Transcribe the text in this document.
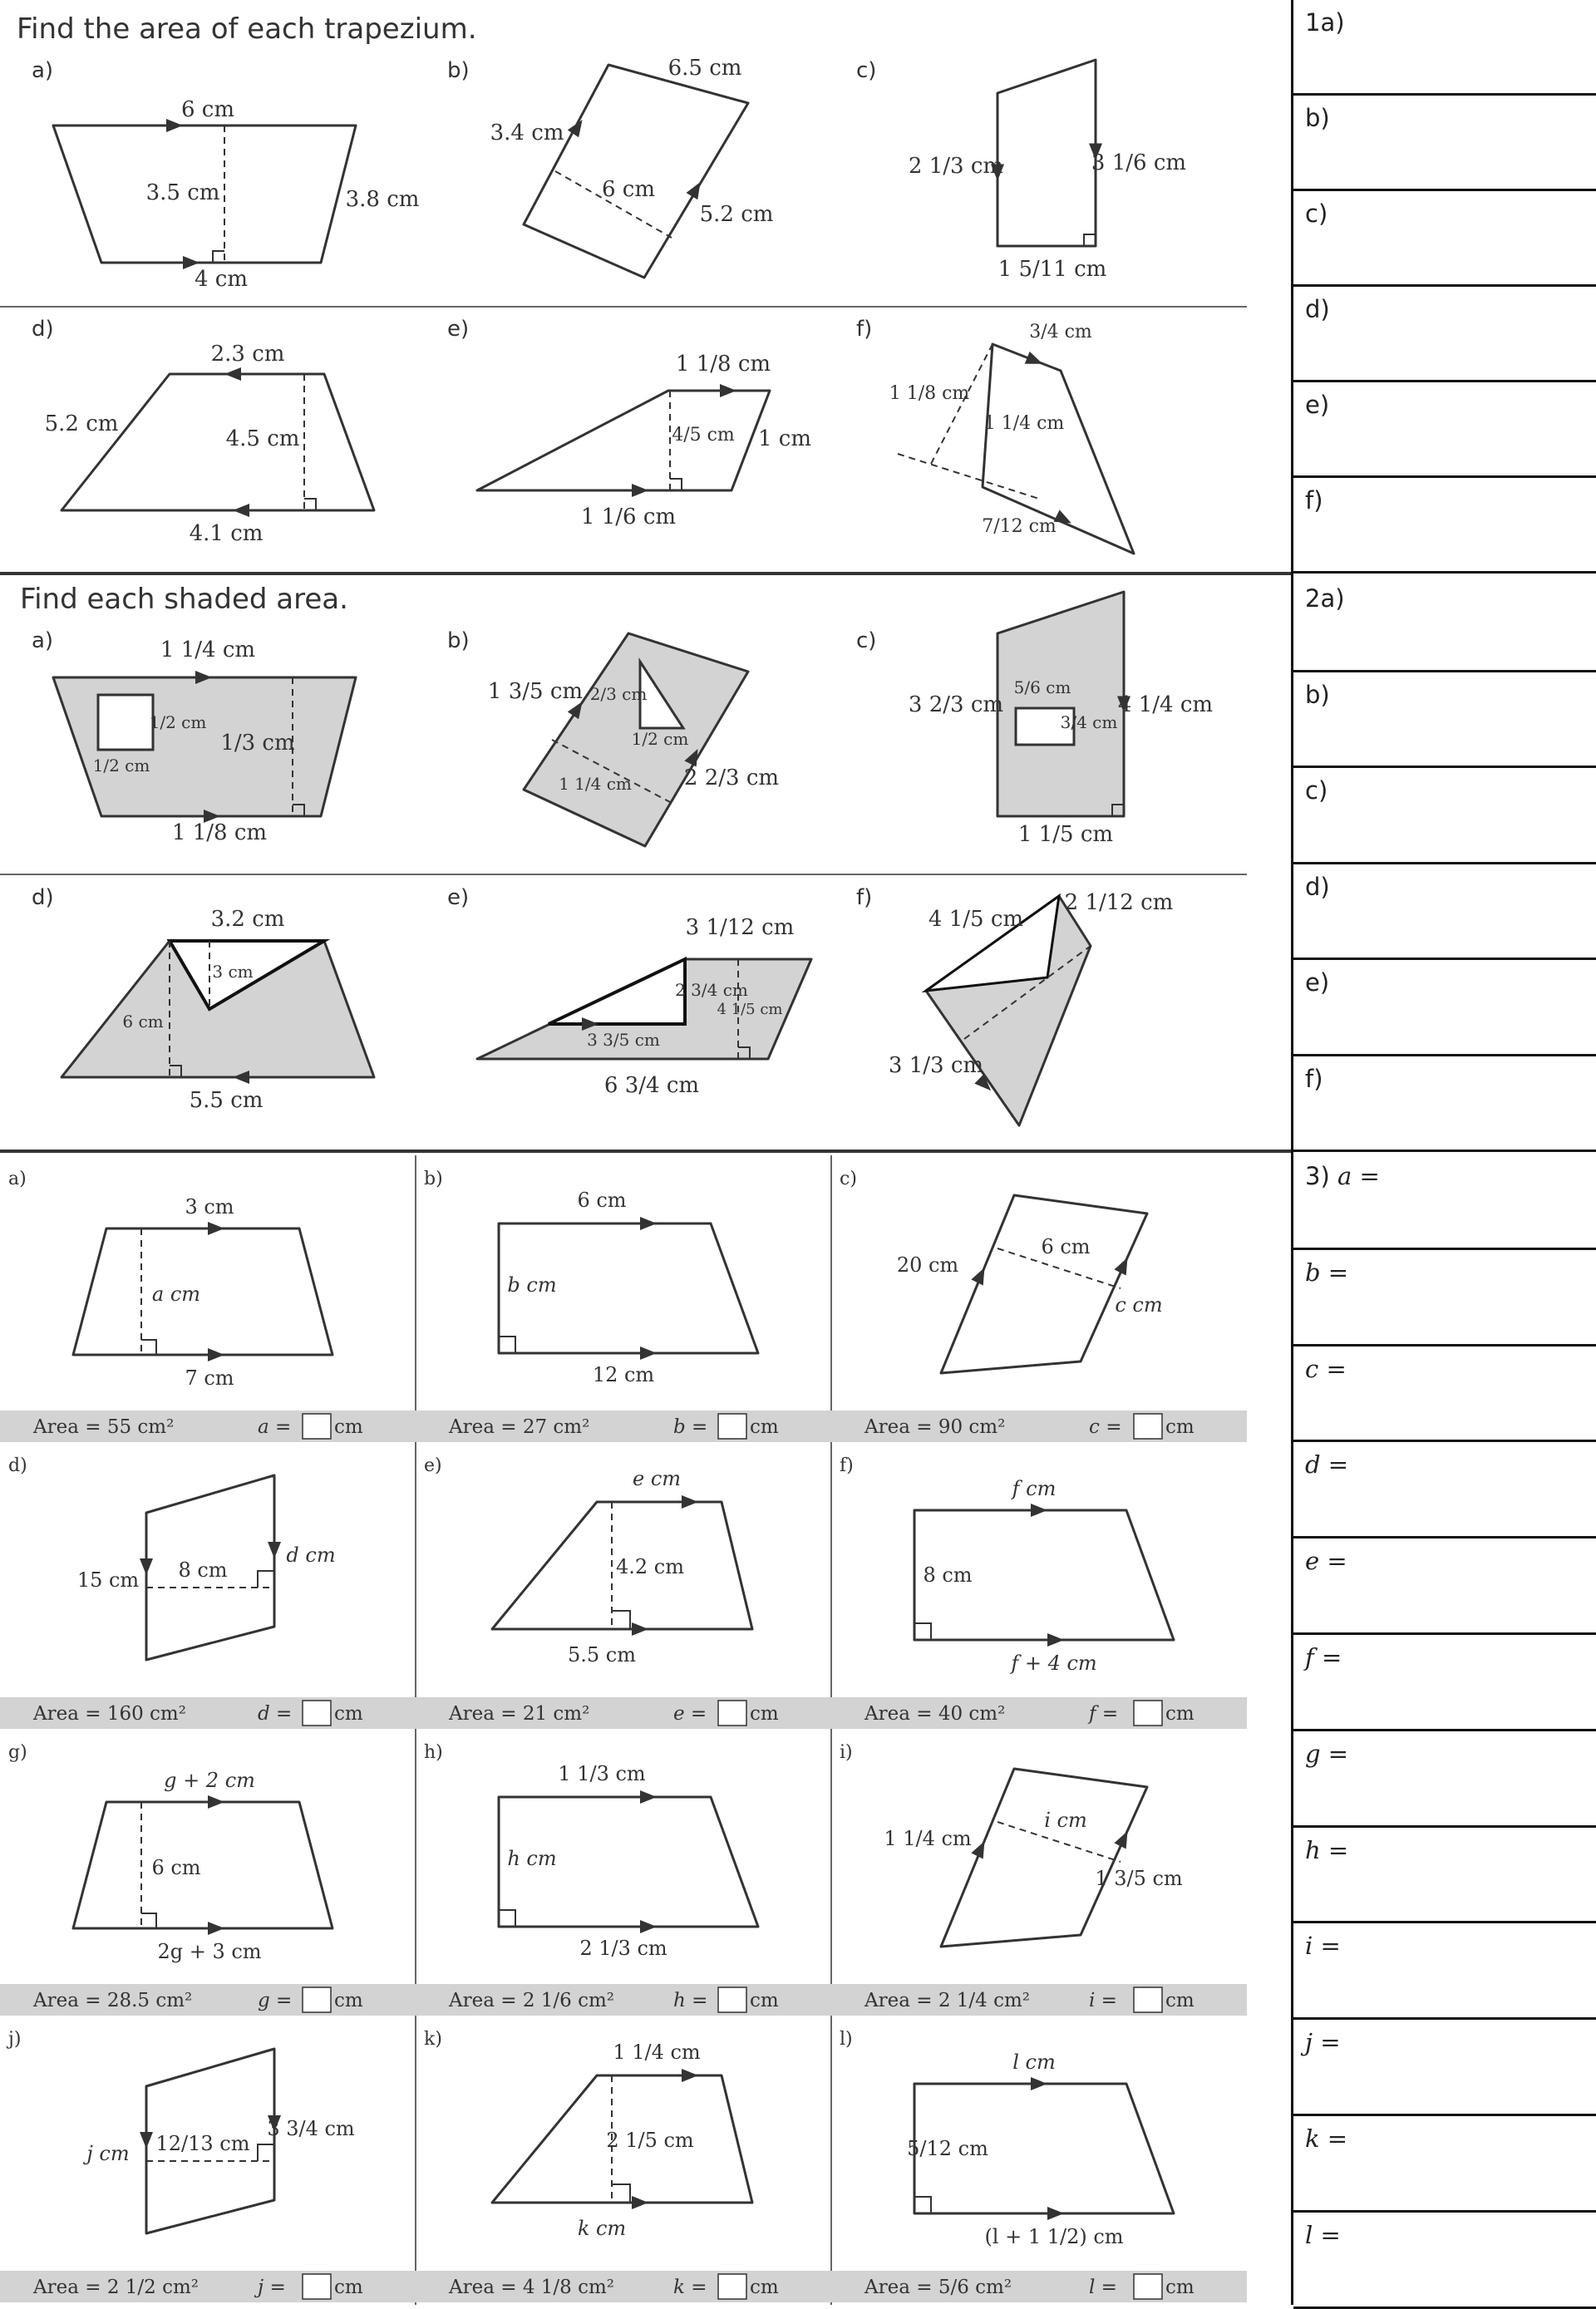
Find the area of each trapezium.
a)	b)	c)
d)	e)	f)
6 cm
3.5 cm	3.8 cm
4 cm
6.5 cm
3.4 cm
6 cm
5.2 cm
2 1/3 cm	3 1/6 cm
1 5/11 cm
2.3 cm
5.2 cm
4.5 cm
4.1 cm
1 1/8 cm
4/5 cm 1 cm
1 1/6 cm
3/4 cm
1 1/8 cm
1 1/4 cm
7/12 cm
Find each shaded area.
a)	b)	c)
d)	e)	f)
1 1/4 cm
1/2 cm
1/3 cm
1/2 cm
1 1/8 cm
1 3/5 cm 2/3 cm
1/2 cm
1 1/4 cm 2 2/3 cm
3 2/3 cm
5/6 cm
3/4 cm
4 1/4 cm
1 1/5 cm
3.2 cm
3 cm
6 cm
5.5 cm
3 1/12 cm
2 3/4 cm
4 1/5 cm
3 3/5 cm
6 3/4 cm
4 1/5 cm
2 1/12 cm
3 1/3 cm
a)
Area = 55 cm²	a = cm
3 cm
a cm
7 cm
b)
Area = 27 cm²	b = cm
6 cm
b cm
12 cm
c)
Area = 90 cm²	c = cm
20 cm
6 cm
c cm
d)
Area = 160 cm²	d = cm
15 cm 8 cm
d cm
e)
Area = 21 cm²	e = cm
e cm
4.2 cm
5.5 cm
f)
Area = 40 cm²	f = cm
f cm
8 cm
f + 4 cm
g)
Area = 28.5 cm²	g = cm
g + 2 cm
6 cm
2g + 3 cm
h)
Area = 2 1/6 cm²	h = cm
1 1/3 cm
h cm
2 1/3 cm
i)
Area = 2 1/4 cm²	i =	cm
1 1/4 cm
i cm
1 3/5 cm
j)
Area = 2 1/2 cm²	j =	cm
j cm 12/13 cm
3 3/4 cm
k)
Area = 4 1/8 cm²	k = cm
1 1/4 cm
2 1/5 cm
k cm
l)
Area = 5/6 cm²	l =	cm
l cm
5/12 cm
(l + 1 1/2) cm
1a)
b)
c)
d)
e)
f)
2a)
b)
c)
d)
e)
f)
3) a =
b =
c =
d =
e =
f =
g =
h =
i =
j =
k =
l =
